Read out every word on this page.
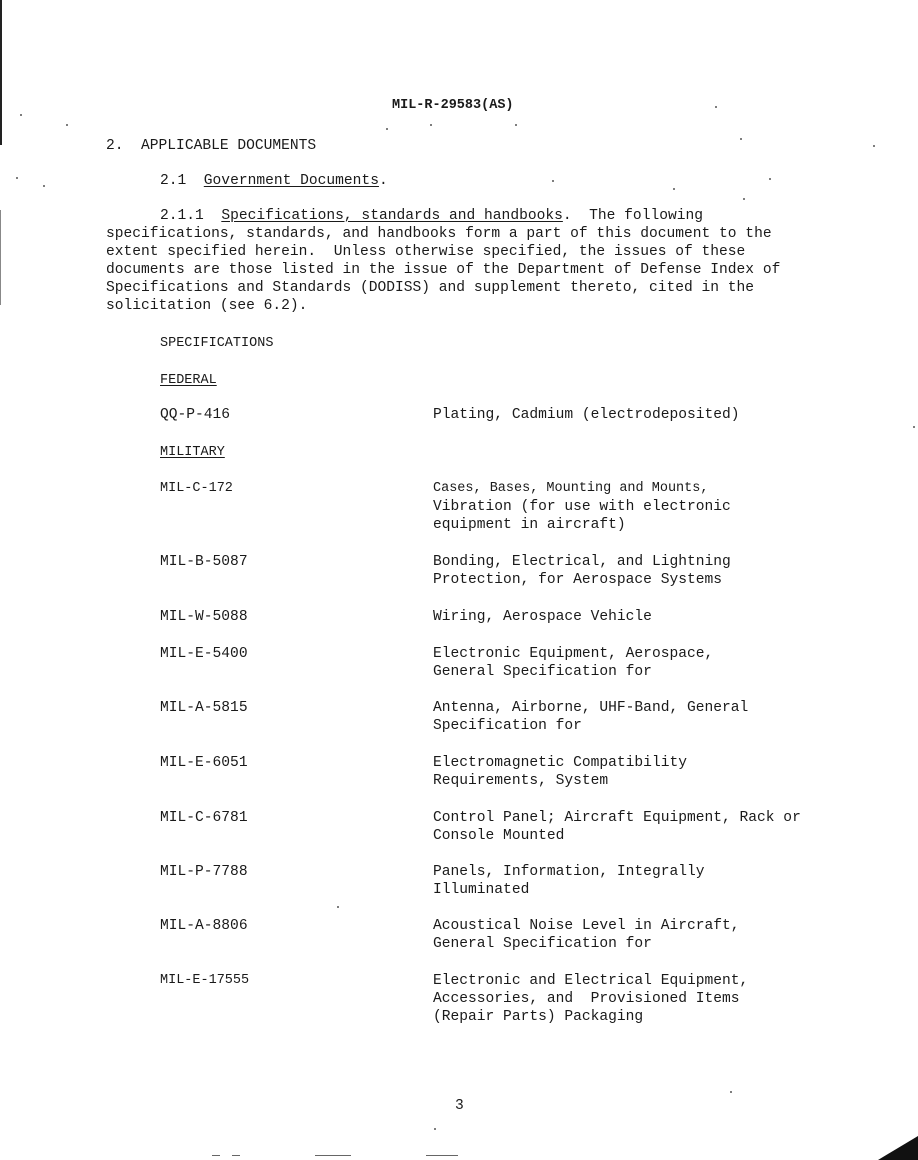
MIL-R-29583(AS)
2. APPLICABLE DOCUMENTS
2.1 Government Documents.
2.1.1 Specifications, standards and handbooks.  The following
specifications, standards, and handbooks form a part of this document to the
extent specified herein.  Unless otherwise specified, the issues of these
documents are those listed in the issue of the Department of Defense Index of
Specifications and Standards (DODISS) and supplement thereto, cited in the
solicitation (see 6.2).
SPECIFICATIONS
FEDERAL
QQ-P-416	Plating, Cadmium (electrodeposited)
MILITARY
MIL-C-172	Cases, Bases, Mounting and Mounts,
Vibration (for use with electronic
equipment in aircraft)
MIL-B-5087	Bonding, Electrical, and Lightning
Protection, for Aerospace Systems
MIL-W-5088	Wiring, Aerospace Vehicle
MIL-E-5400	Electronic Equipment, Aerospace,
General Specification for
MIL-A-5815	Antenna, Airborne, UHF-Band, General
Specification for
MIL-E-6051	Electromagnetic Compatibility
Requirements, System
MIL-C-6781	Control Panel; Aircraft Equipment, Rack or
Console Mounted
MIL-P-7788	Panels, Information, Integrally
Illuminated
MIL-A-8806	Acoustical Noise Level in Aircraft,
General Specification for
MIL-E-17555	Electronic and Electrical Equipment,
Accessories, and  Provisioned Items
(Repair Parts) Packaging
3
